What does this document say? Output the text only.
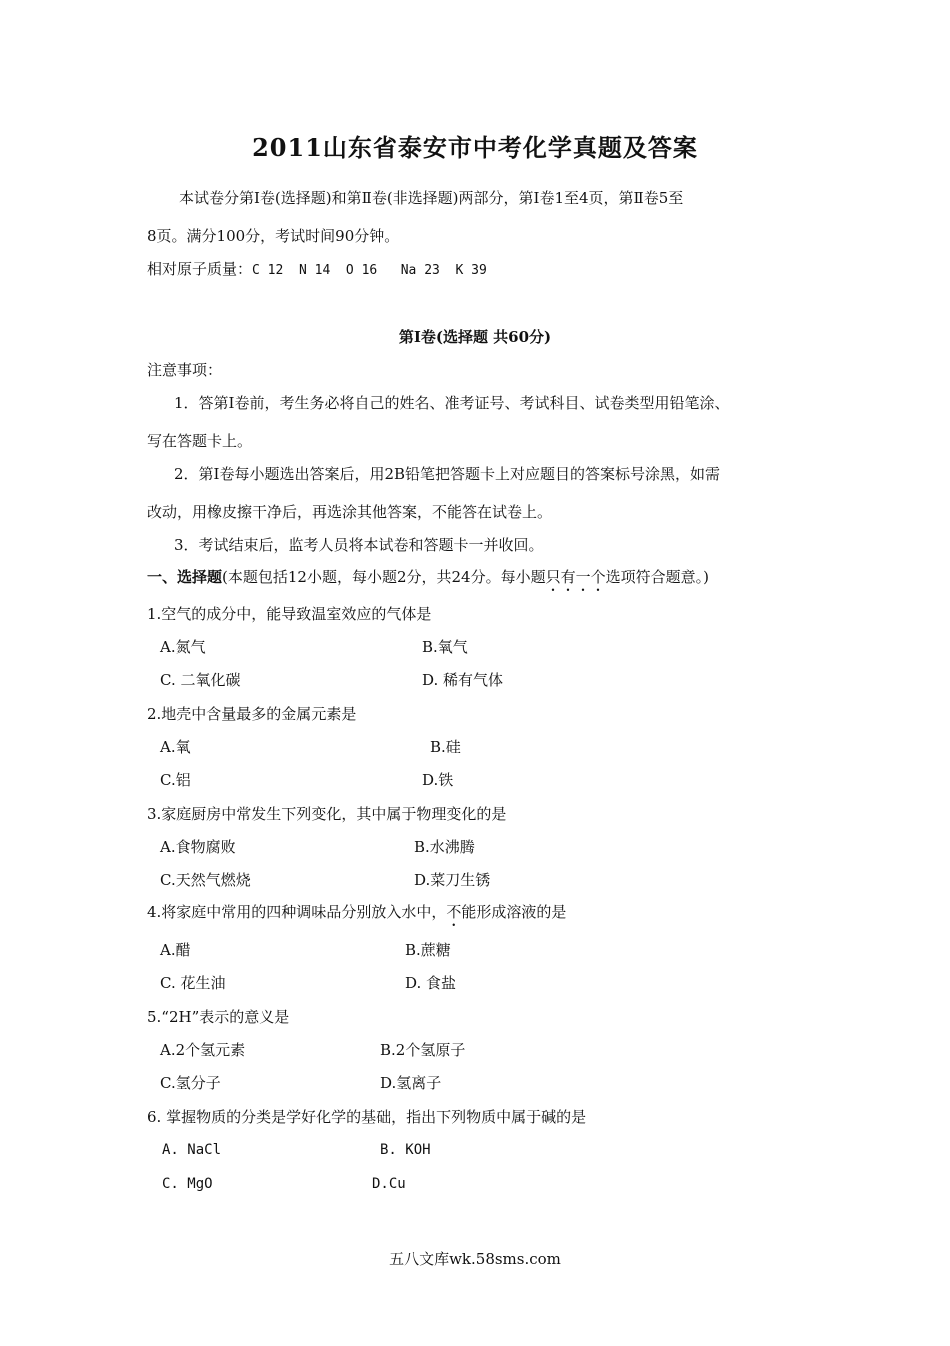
2011山东省泰安市中考化学真题及答案
本试卷分第Ⅰ卷(选择题)和第Ⅱ卷(非选择题)两部分，第Ⅰ卷1至4页，第Ⅱ卷5至
8页。满分100分，考试时间90分钟。
相对原子质量：C 12  N 14  O 16   Na 23  K 39
第Ⅰ卷(选择题 共60分)
注意事项：
1．答第Ⅰ卷前，考生务必将自己的姓名、准考证号、考试科目、试卷类型用铅笔涂、
写在答题卡上。
2．第Ⅰ卷每小题选出答案后，用2B铅笔把答题卡上对应题目的答案标号涂黑，如需
改动，用橡皮擦干净后，再选涂其他答案，不能答在试卷上。
3．考试结束后，监考人员将本试卷和答题卡一并收回。
一、选择题(本题包括12小题，每小题2分，共24分。每小题只有一个选项符合题意。)
1.空气的成分中，能导致温室效应的气体是
A.氮气	B.氧气
C. 二氧化碳	D. 稀有气体
2.地壳中含量最多的金属元素是
A.氧	B.硅
C.铝	D.铁
3.家庭厨房中常发生下列变化，其中属于物理变化的是
A.食物腐败	B.水沸腾
C.天然气燃烧	D.菜刀生锈
4.将家庭中常用的四种调味品分别放入水中，不能形成溶液的是
A.醋	B.蔗糖
C. 花生油	D. 食盐
5.“2H”表示的意义是
A.2个氢元素	B.2个氢原子
C.氢分子	D.氢离子
6. 掌握物质的分类是学好化学的基础，指出下列物质中属于碱的是
A. NaCl	B. KOH
C. MgO	D.Cu
五八文库wk.58sms.com
